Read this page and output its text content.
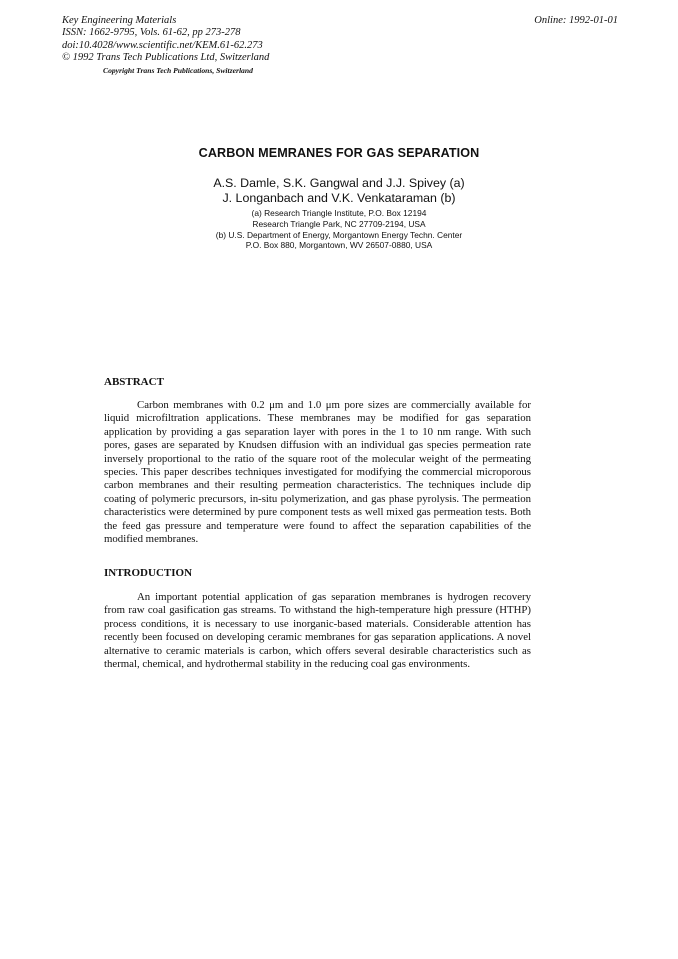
Key Engineering Materials
ISSN: 1662-9795, Vols. 61-62, pp 273-278
doi:10.4028/www.scientific.net/KEM.61-62.273
© 1992 Trans Tech Publications Ltd, Switzerland
Online: 1992-01-01
Copyright Trans Tech Publications, Switzerland
CARBON MEMRANES FOR GAS SEPARATION
A.S. Damle, S.K. Gangwal and J.J. Spivey (a)
J. Longanbach and V.K. Venkataraman (b)
(a) Research Triangle Institute, P.O. Box 12194
Research Triangle Park, NC 27709-2194, USA
(b) U.S. Department of Energy, Morgantown Energy Techn. Center
P.O. Box 880, Morgantown, WV 26507-0880, USA
ABSTRACT
Carbon membranes with 0.2 μm and 1.0 μm pore sizes are commercially available for liquid microfiltration applications. These membranes may be modified for gas separation application by providing a gas separation layer with pores in the 1 to 10 nm range. With such pores, gases are separated by Knudsen diffusion with an individual gas species permeation rate inversely proportional to the ratio of the square root of the molecular weight of the permeating species. This paper describes techniques investigated for modifying the commercial microporous carbon membranes and their resulting permeation characteristics. The techniques include dip coating of polymeric precursors, in-situ polymerization, and gas phase pyrolysis. The permeation characteristics were determined by pure component tests as well mixed gas permeation tests. Both the feed gas pressure and temperature were found to affect the separation capabilities of the modified membranes.
INTRODUCTION
An important potential application of gas separation membranes is hydrogen recovery from raw coal gasification gas streams. To withstand the high-temperature high pressure (HTHP) process conditions, it is necessary to use inorganic-based materials. Considerable attention has recently been focused on developing ceramic membranes for gas separation applications. A novel alternative to ceramic materials is carbon, which offers several desirable characteristics such as thermal, chemical, and hydrothermal stability in the reducing coal gas environments.
